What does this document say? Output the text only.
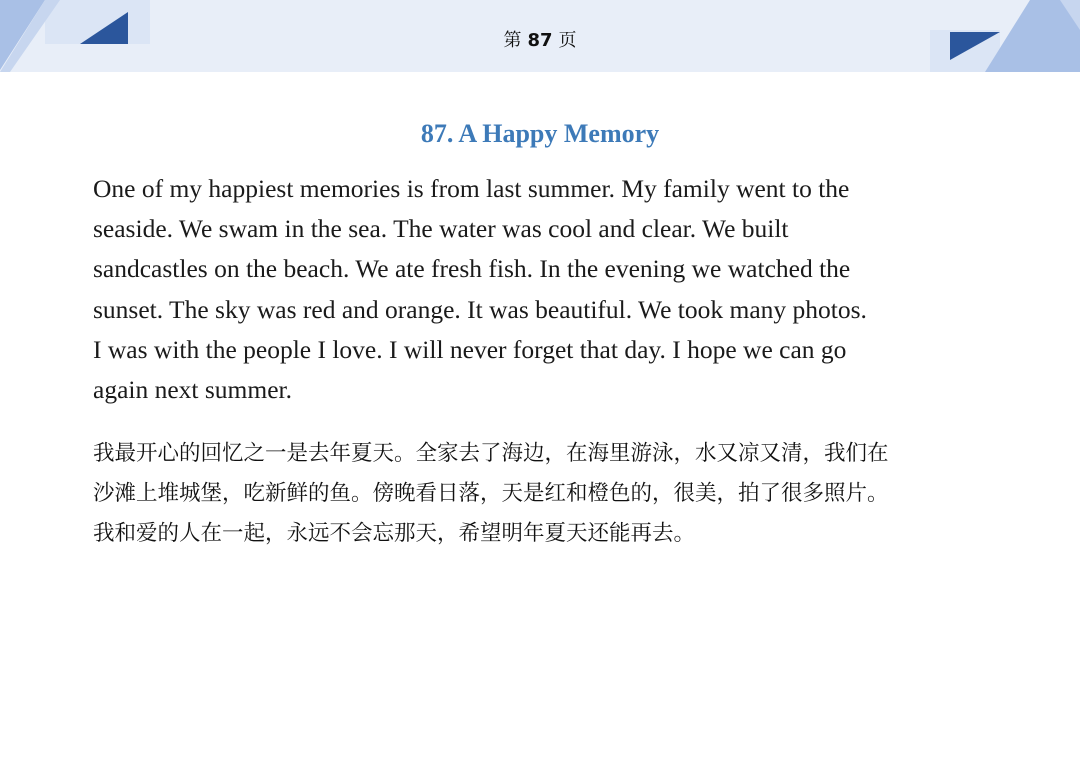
第 87 页
87. A Happy Memory
One of my happiest memories is from last summer. My family went to the
seaside. We swam in the sea. The water was cool and clear. We built
sandcastles on the beach. We ate fresh fish. In the evening we watched the
sunset. The sky was red and orange. It was beautiful. We took many photos.
I was with the people I love. I will never forget that day. I hope we can go
again next summer.
我最开心的回忆之一是去年夏天。全家去了海边，在海里游泳，水又凉又清，我们在
沙滩上堆城堡，吃新鲜的鱼。傍晚看日落，天是红和橙色的，很美，拍了很多照片。
我和爱的人在一起，永远不会忘那天，希望明年夏天还能再去。
